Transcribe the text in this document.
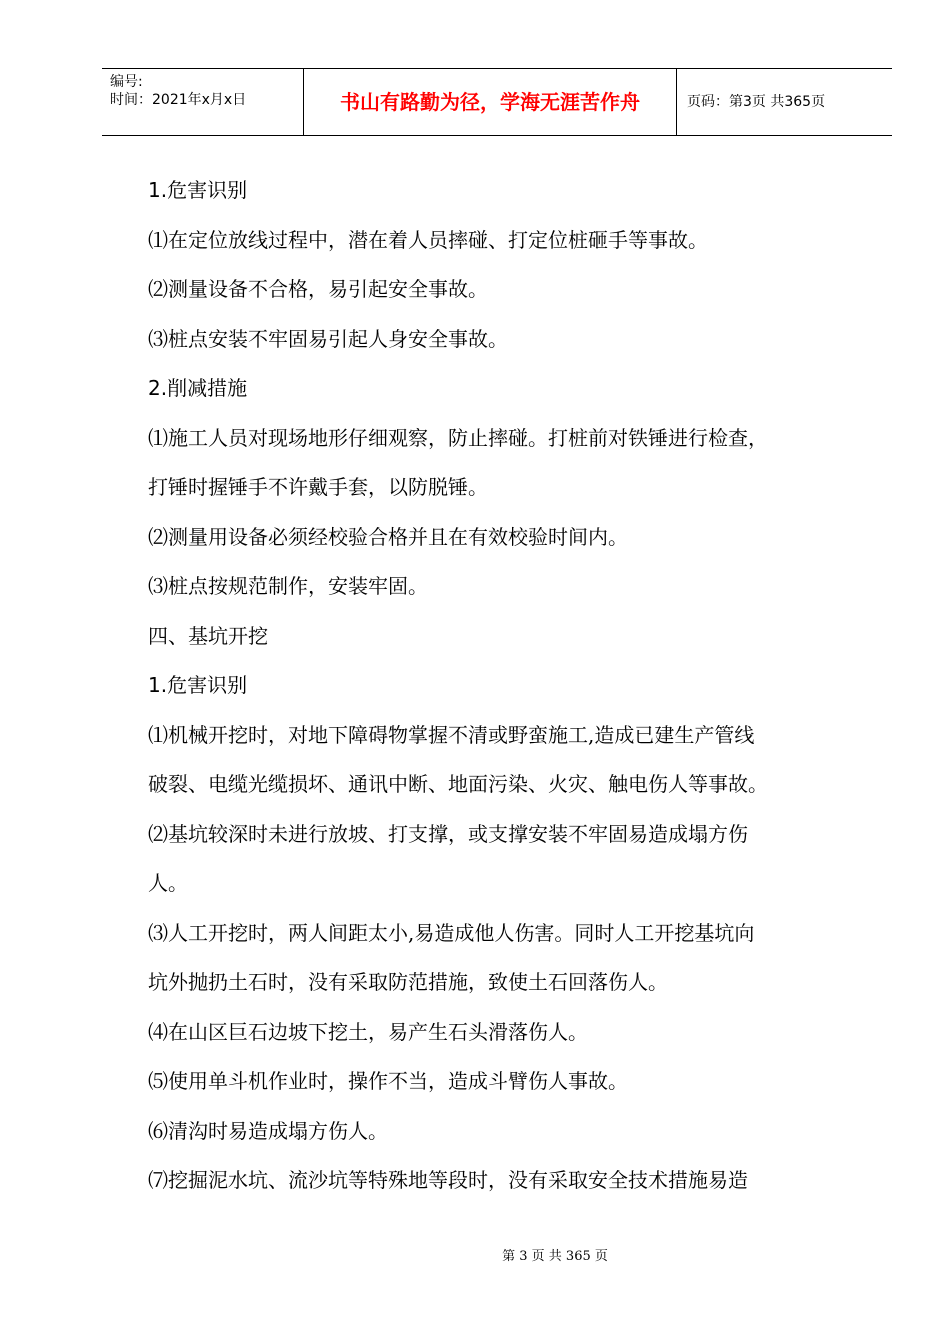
编号:
时间：2021年x月x日	书山有路勤为径，学海无涯苦作舟	页码：第3页 共365页

1.危害识别

⑴在定位放线过程中，潜在着人员摔碰、打定位桩砸手等事故。

⑵测量设备不合格，易引起安全事故。

⑶桩点安装不牢固易引起人身安全事故。

2.削减措施

⑴施工人员对现场地形仔细观察，防止摔碰。打桩前对铁锤进行检查，

打锤时握锤手不许戴手套，以防脱锤。

⑵测量用设备必须经校验合格并且在有效校验时间内。

⑶桩点按规范制作，安装牢固。

四、基坑开挖

1.危害识别

⑴机械开挖时，对地下障碍物掌握不清或野蛮施工,造成已建生产管线

破裂、电缆光缆损坏、通讯中断、地面污染、火灾、触电伤人等事故。

⑵基坑较深时未进行放坡、打支撑，或支撑安装不牢固易造成塌方伤

人。

⑶人工开挖时，两人间距太小,易造成他人伤害。同时人工开挖基坑向

坑外抛扔土石时，没有采取防范措施，致使土石回落伤人。

⑷在山区巨石边坡下挖土，易产生石头滑落伤人。

⑸使用单斗机作业时，操作不当，造成斗臂伤人事故。

⑹清沟时易造成塌方伤人。

⑺挖掘泥水坑、流沙坑等特殊地等段时，没有采取安全技术措施易造

第 3 页 共 365 页
